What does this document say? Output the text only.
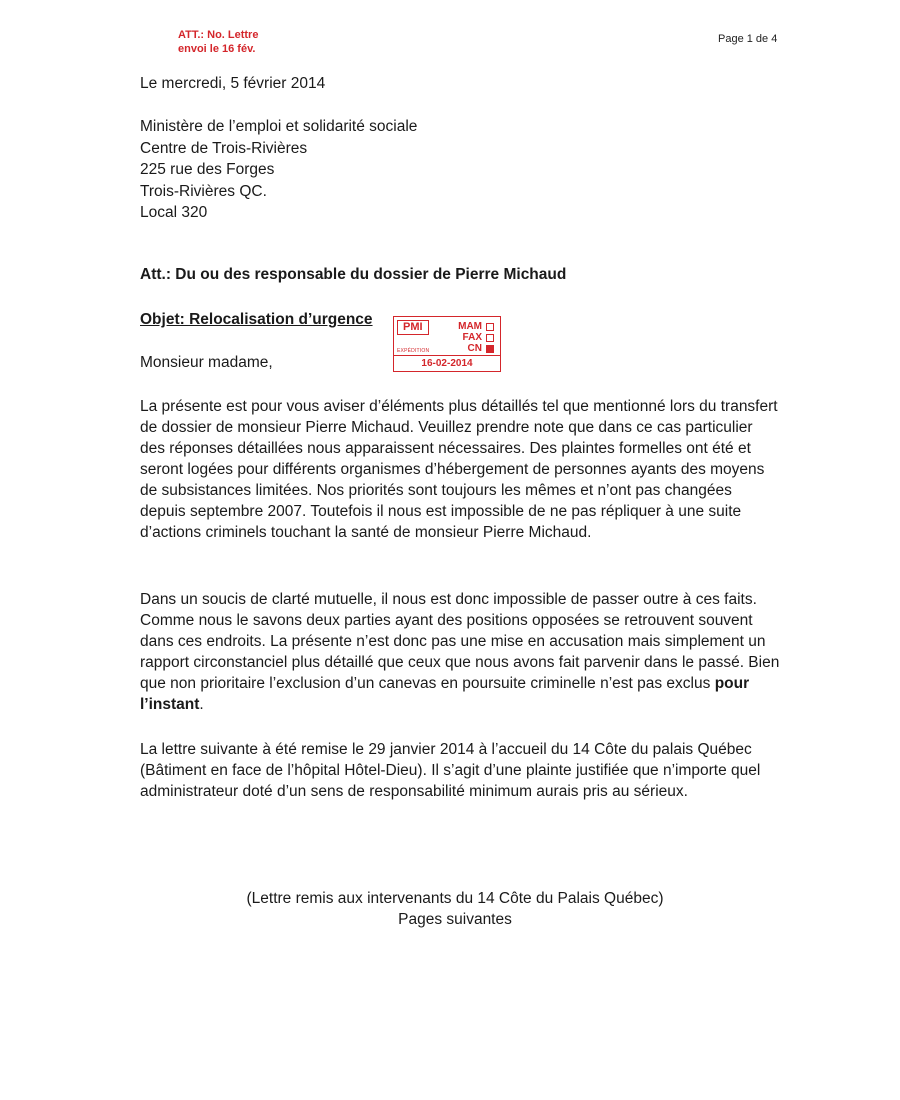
ATT.: No. Lettre
envoi le 16 fév.
Page 1 de 4
Le mercredi, 5 février 2014
Ministère de l’emploi et solidarité sociale
Centre de Trois-Rivières
225 rue des Forges
Trois-Rivières QC.
Local 320
Att.: Du ou des responsable du dossier de Pierre Michaud
Objet: Relocalisation d’urgence	PMI	MAM
FAX
CN
EXPÉDITION
16-02-2014
Monsieur madame,

La présente est pour vous aviser d’éléments plus détaillés tel que mentionné lors du transfert de dossier de monsieur Pierre Michaud. Veuillez prendre note que dans ce cas particulier des réponses détaillées nous apparaissent nécessaires. Des plaintes formelles ont été et seront logées pour différents organismes d’hébergement de personnes ayants des moyens de subsistances limitées. Nos priorités sont toujours les mêmes et n’ont pas changées depuis septembre 2007. Toutefois il nous est impossible de ne pas répliquer à une suite d’actions criminels touchant la santé de monsieur Pierre Michaud.

Dans un soucis de clarté mutuelle, il nous est donc impossible de passer outre à ces faits. Comme nous le savons deux parties ayant des positions opposées se retrouvent souvent dans ces endroits. La présente n’est donc pas une mise en accusation mais simplement un rapport circonstanciel plus détaillé que ceux que nous avons fait parvenir dans le passé. Bien que non prioritaire l’exclusion d’un canevas en poursuite criminelle n’est pas exclus pour l’instant.

La lettre suivante à été remise le 29 janvier 2014 à l’accueil du 14 Côte du palais Québec (Bâtiment en face de l’hôpital Hôtel-Dieu). Il s’agit d’une plainte justifiée que n’importe quel administrateur doté d’un sens de responsabilité minimum aurais pris au sérieux.

(Lettre remis aux intervenants du 14 Côte du Palais Québec)
Pages suivantes
